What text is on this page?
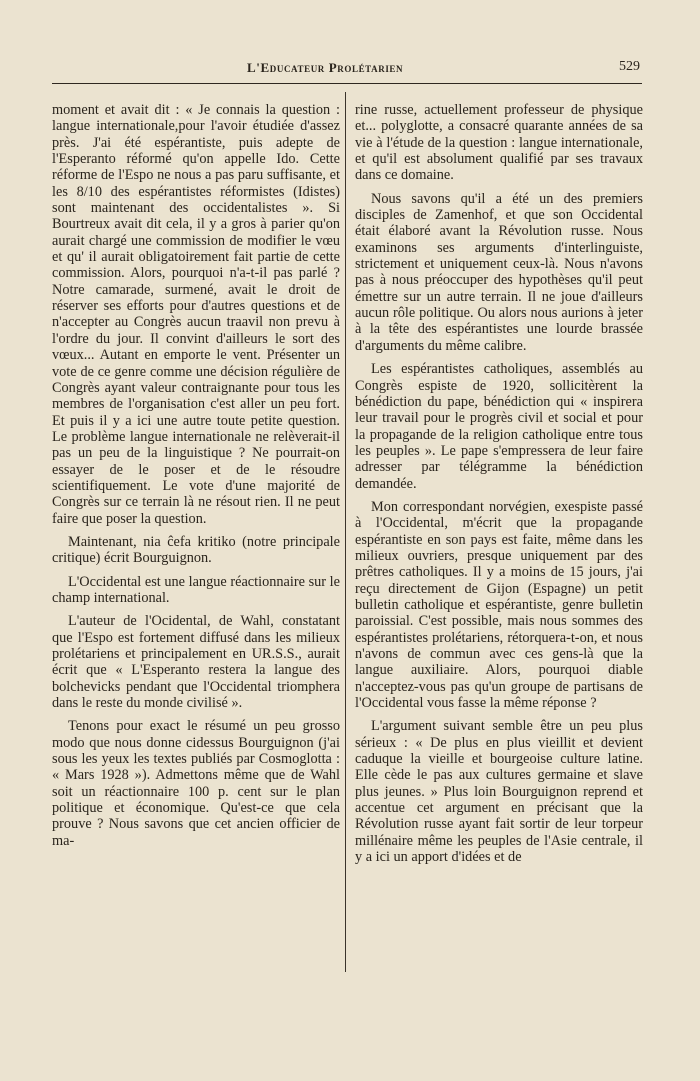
L'Educateur Prolétarien	529

moment et avait dit : « Je connais la question : langue internationale,pour l'avoir étudiée d'assez près. J'ai été espérantiste, puis adepte de l'Esperanto réformé qu'on appelle Ido. Cette réforme de l'Espo ne nous a pas paru suffisante, et les 8/10 des espérantistes réformistes (Idistes) sont maintenant des occidentalistes ». Si Bourtreux avait dit cela, il y a gros à parier qu'on aurait chargé une commission de modifier le vœu et qu' il aurait obligatoirement fait partie de cette commission. Alors, pourquoi n'a-t-il pas parlé ? Notre camarade, surmené, avait le droit de réserver ses efforts pour d'autres questions et de n'accepter au Congrès aucun traavil non prevu à l'ordre du jour. Il convint d'ailleurs le sort des vœux... Autant en emporte le vent. Présenter un vote de ce genre comme une décision régulière de Congrès ayant valeur contraignante pour tous les membres de l'organisation c'est aller un peu fort. Et puis il y a ici une autre toute petite question. Le problème langue internationale ne relèverait-il pas un peu de la linguistique ? Ne pourrait-on essayer de le poser et de le résoudre scientifiquement. Le vote d'une majorité de Congrès sur ce terrain là ne résout rien. Il ne peut faire que poser la question.

Maintenant, nia ĉefa kritiko (notre principale critique) écrit Bourguignon.

L'Occidental est une langue réactionnaire sur le champ international.

L'auteur de l'Ocidental, de Wahl, constatant que l'Espo est fortement diffusé dans les milieux prolétariens et principalement en UR.S.S., aurait écrit que « L'Esperanto restera la langue des bolchevicks pendant que l'Occidental triomphera dans le reste du monde civilisé ».

Tenons pour exact le résumé un peu grosso modo que nous donne cidessus Bourguignon (j'ai sous les yeux les textes publiés par Cosmoglotta : « Mars 1928 »). Admettons même que de Wahl soit un réactionnaire 100 p. cent sur le plan politique et économique. Qu'est-ce que cela prouve ? Nous savons que cet ancien officier de ma-

rine russe, actuellement professeur de physique et... polyglotte, a consacré quarante années de sa vie à l'étude de la question : langue internationale, et qu'il est absolument qualifié par ses travaux dans ce domaine.

Nous savons qu'il a été un des premiers disciples de Zamenhof, et que son Occidental était élaboré avant la Révolution russe. Nous examinons ses arguments d'interlinguiste, strictement et uniquement ceux-là. Nous n'avons pas à nous préoccuper des hypothèses qu'il peut émettre sur un autre terrain. Il ne joue d'ailleurs aucun rôle politique. Ou alors nous aurions à jeter à la tête des espérantistes une lourde brassée d'arguments du même calibre.

Les espérantistes catholiques, assemblés au Congrès espiste de 1920, sollicitèrent la bénédiction du pape, bénédiction qui « inspirera leur travail pour le progrès civil et social et pour la propagande de la religion catholique entre tous les peuples ». Le pape s'empressera de leur faire adresser par télégramme la bénédiction demandée.

Mon correspondant norvégien, exespiste passé à l'Occidental, m'écrit que la propagande espérantiste en son pays est faite, même dans les milieux ouvriers, presque uniquement par des prêtres catholiques. Il y a moins de 15 jours, j'ai reçu directement de Gijon (Espagne) un petit bulletin catholique et espérantiste, genre bulletin paroissial. C'est possible, mais nous sommes des espérantistes prolétariens, rétorquera-t-on, et nous n'avons de commun avec ces gens-là que la langue auxiliaire. Alors, pourquoi diable n'acceptez-vous pas qu'un groupe de partisans de l'Occidental vous fasse la même réponse ?

L'argument suivant semble être un peu plus sérieux : « De plus en plus vieillit et devient caduque la vieille et bourgeoise culture latine. Elle cède le pas aux cultures germaine et slave plus jeunes. » Plus loin Bourguignon reprend et accentue cet argument en précisant que la Révolution russe ayant fait sortir de leur torpeur millénaire même les peuples de l'Asie centrale, il y a ici un apport d'idées et de
